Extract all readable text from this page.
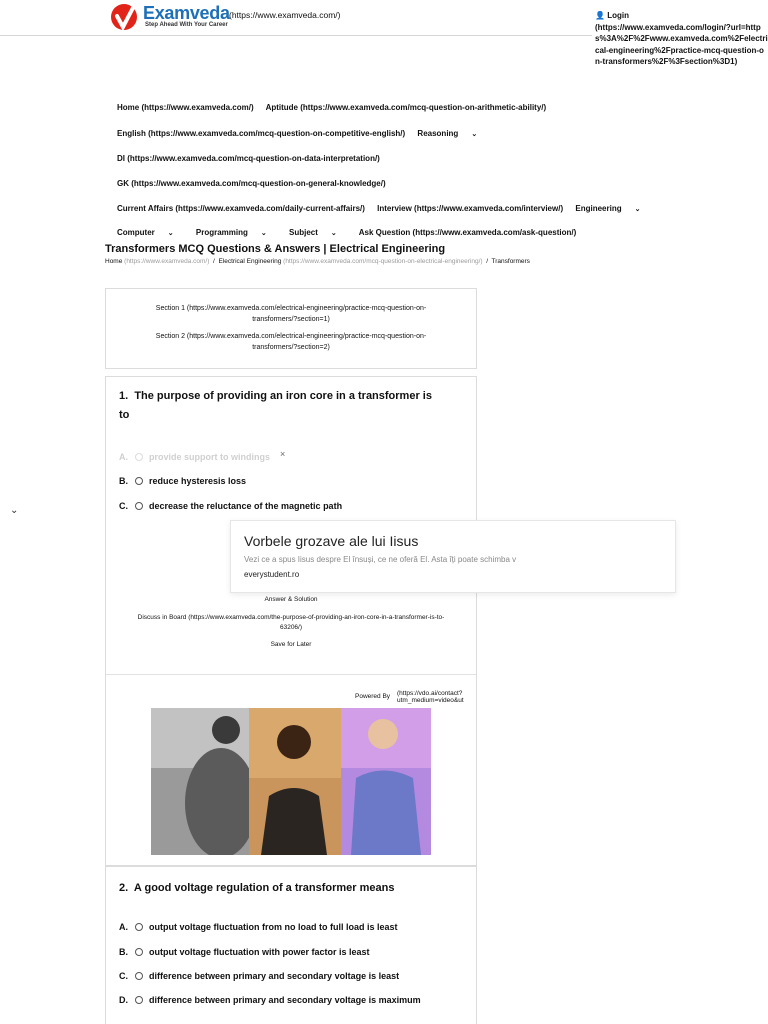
Examveda
Step Ahead With Your Career
(https://www.examveda.com/)	👤 Login
(https://www.examveda.com/login/?url=https%3A%2F%2Fwww.examveda.com%2Felectrical-engineering%2Fpractice-mcq-question-on-transformers%2F%3Fsection%3D1)
Home (https://www.examveda.com/) Aptitude (https://www.examveda.com/mcq-question-on-arithmetic-ability/)
English (https://www.examveda.com/mcq-question-on-competitive-english/) Reasoning ⌄
DI (https://www.examveda.com/mcq-question-on-data-interpretation/)
GK (https://www.examveda.com/mcq-question-on-general-knowledge/)
Current Affairs (https://www.examveda.com/daily-current-affairs/) Interview (https://www.examveda.com/interview/) Engineering ⌄
Computer ⌄	Programming ⌄	Subject ⌄	Ask Question (https://www.examveda.com/ask-question/)
Transformers MCQ Questions & Answers | Electrical Engineering
Home (https://www.examveda.com/) / Electrical Engineering (https://www.examveda.com/mcq-question-on-electrical-engineering/) / Transformers
Section 1 (https://www.examveda.com/electrical-engineering/practice-mcq-question-on-
transformers/?section=1)
Section 2 (https://www.examveda.com/electrical-engineering/practice-mcq-question-on-
transformers/?section=2)
1. The purpose of providing an iron core in a transformer is
to
A. provide support to windings ×
B. reduce hysteresis loss
C. decrease the reluctance of the magnetic path
⌄
Vorbele grozave ale lui Iisus
Vezi ce a spus Iisus despre El însuși, ce ne oferă El. Asta îți poate schimba v
everystudent.ro
Answer & Solution
Discuss in Board (https://www.examveda.com/the-purpose-of-providing-an-iron-core-in-a-transformer-is-to-
63206/)
Save for Later
Powered By (https://vdo.ai/contact?
utm_medium=video&ut
2. A good voltage regulation of a transformer means
A. output voltage fluctuation from no load to full load is least
B. output voltage fluctuation with power factor is least
C. difference between primary and secondary voltage is least
D. difference between primary and secondary voltage is maximum
